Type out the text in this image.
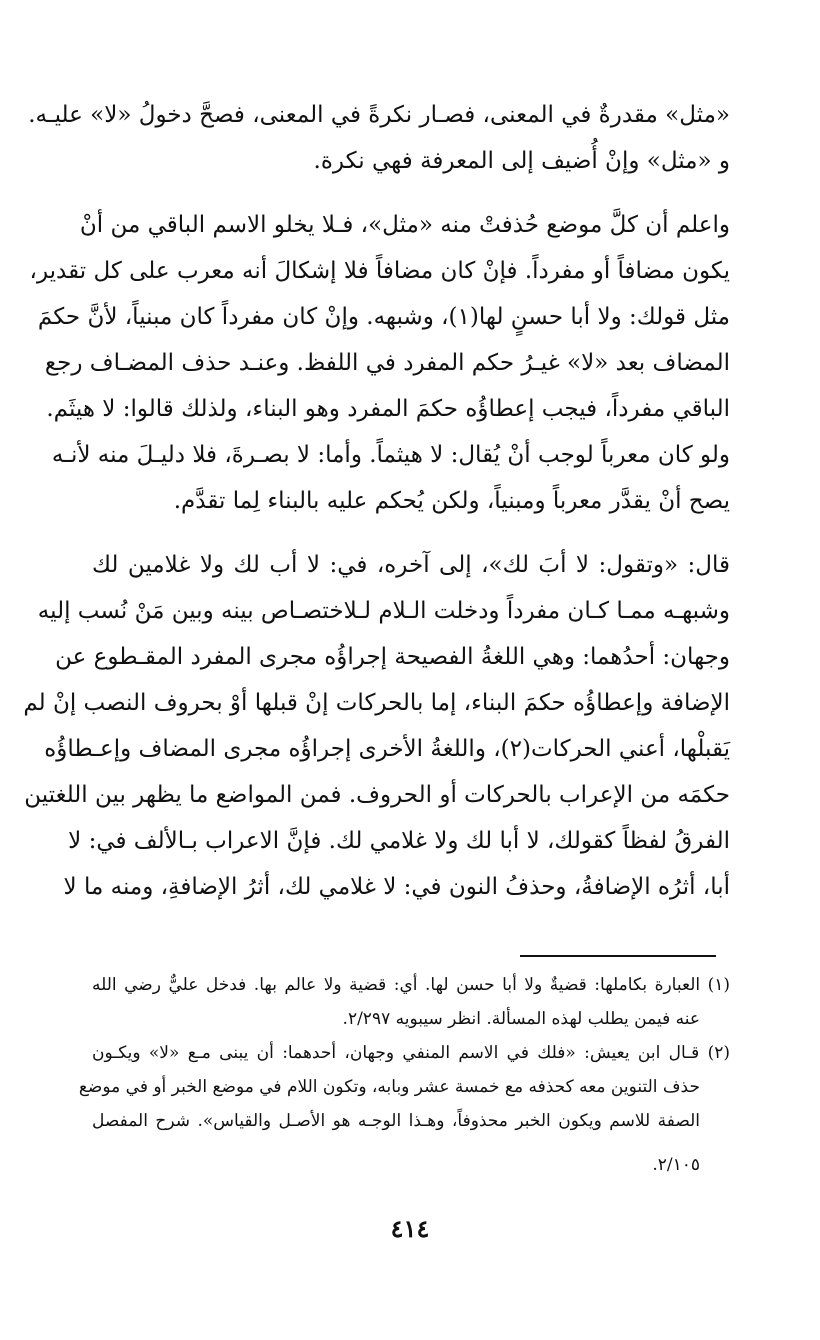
«مثل» مقدرةٌ في المعنى، فصـار نكرةً في المعنى، فصحَّ دخولُ «لا» عليـه.
و «مثل» وإنْ أُضيف إلى المعرفة فهي نكرة.
واعلم أن كلَّ موضع حُذفتْ منه «مثل»، فـلا يخلو الاسم الباقي من أنْ
يكون مضافاً أو مفرداً. فإنْ كان مضافاً فلا إشكالَ أنه معرب على كل تقدير،
مثل قولك: ولا أبا حسنٍ لها(١)، وشبهه. وإنْ كان مفرداً كان مبنياً، لأنَّ حكمَ
المضاف بعد «لا» غيـرُ حكم المفرد في اللفظ. وعنـد حذف المضـاف رجع
الباقي مفرداً، فيجب إعطاؤُه حكمَ المفرد وهو البناء، ولذلك قالوا: لا هيثَم.
ولو كان معرباً لوجب أنْ يُقال: لا هيثماً. وأما: لا بصـرةَ، فلا دليـلَ منه لأنـه
يصح أنْ يقدَّر معرباً ومبنياً، ولكن يُحكم عليه بالبناء لِما تقدَّم.
قال: «وتقول: لا أبَ لك»، إلى آخره، في: لا أب لك ولا غلامين لك
وشبهـه ممـا كـان مفرداً ودخلت الـلام لـلاختصـاص بينه وبين مَنْ نُسب إليه
وجهان: أحدُهما: وهي اللغةُ الفصيحة إجراؤُه مجرى المفرد المقـطوع عن
الإضافة وإعطاؤُه حكمَ البناء، إما بالحركات إنْ قبلها أوْ بحروف النصب إنْ لم
يَقبلْها، أعني الحركات(٢)، واللغةُ الأخرى إجراؤُه مجرى المضاف وإعـطاؤُه
حكمَه من الإعراب بالحركات أو الحروف. فمن المواضع ما يظهر بين اللغتين
الفرقُ لفظاً كقولك، لا أبا لك ولا غلامي لك. فإنَّ الاعراب بـالألف في: لا
أبا، أثرُه الإضافةُ، وحذفُ النون في: لا غلامي لك، أثرُ الإضافةِ، ومنه ما لا
(١) العبارة بكاملها: قضيةٌ ولا أبا حسن لها. أي: قضية ولا عالم بها. فدخل عليٌّ رضي الله
عنه فيمن يطلب لهذه المسألة. انظر سيبويه ٢/٢٩٧.
(٢) قـال ابن يعيش: «فلك في الاسم المنفي وجهان، أحدهما: أن يبنى مـع «لا» ويكـون
حذف التنوين معه كحذفه مع خمسة عشر وبابه، وتكون اللام في موضع الخبر أو في موضع
الصفة للاسم ويكون الخبر محذوفاً، وهـذا الوجـه هو الأصـل والقياس». شرح المفصل
٢/١٠٥.
٤١٤
